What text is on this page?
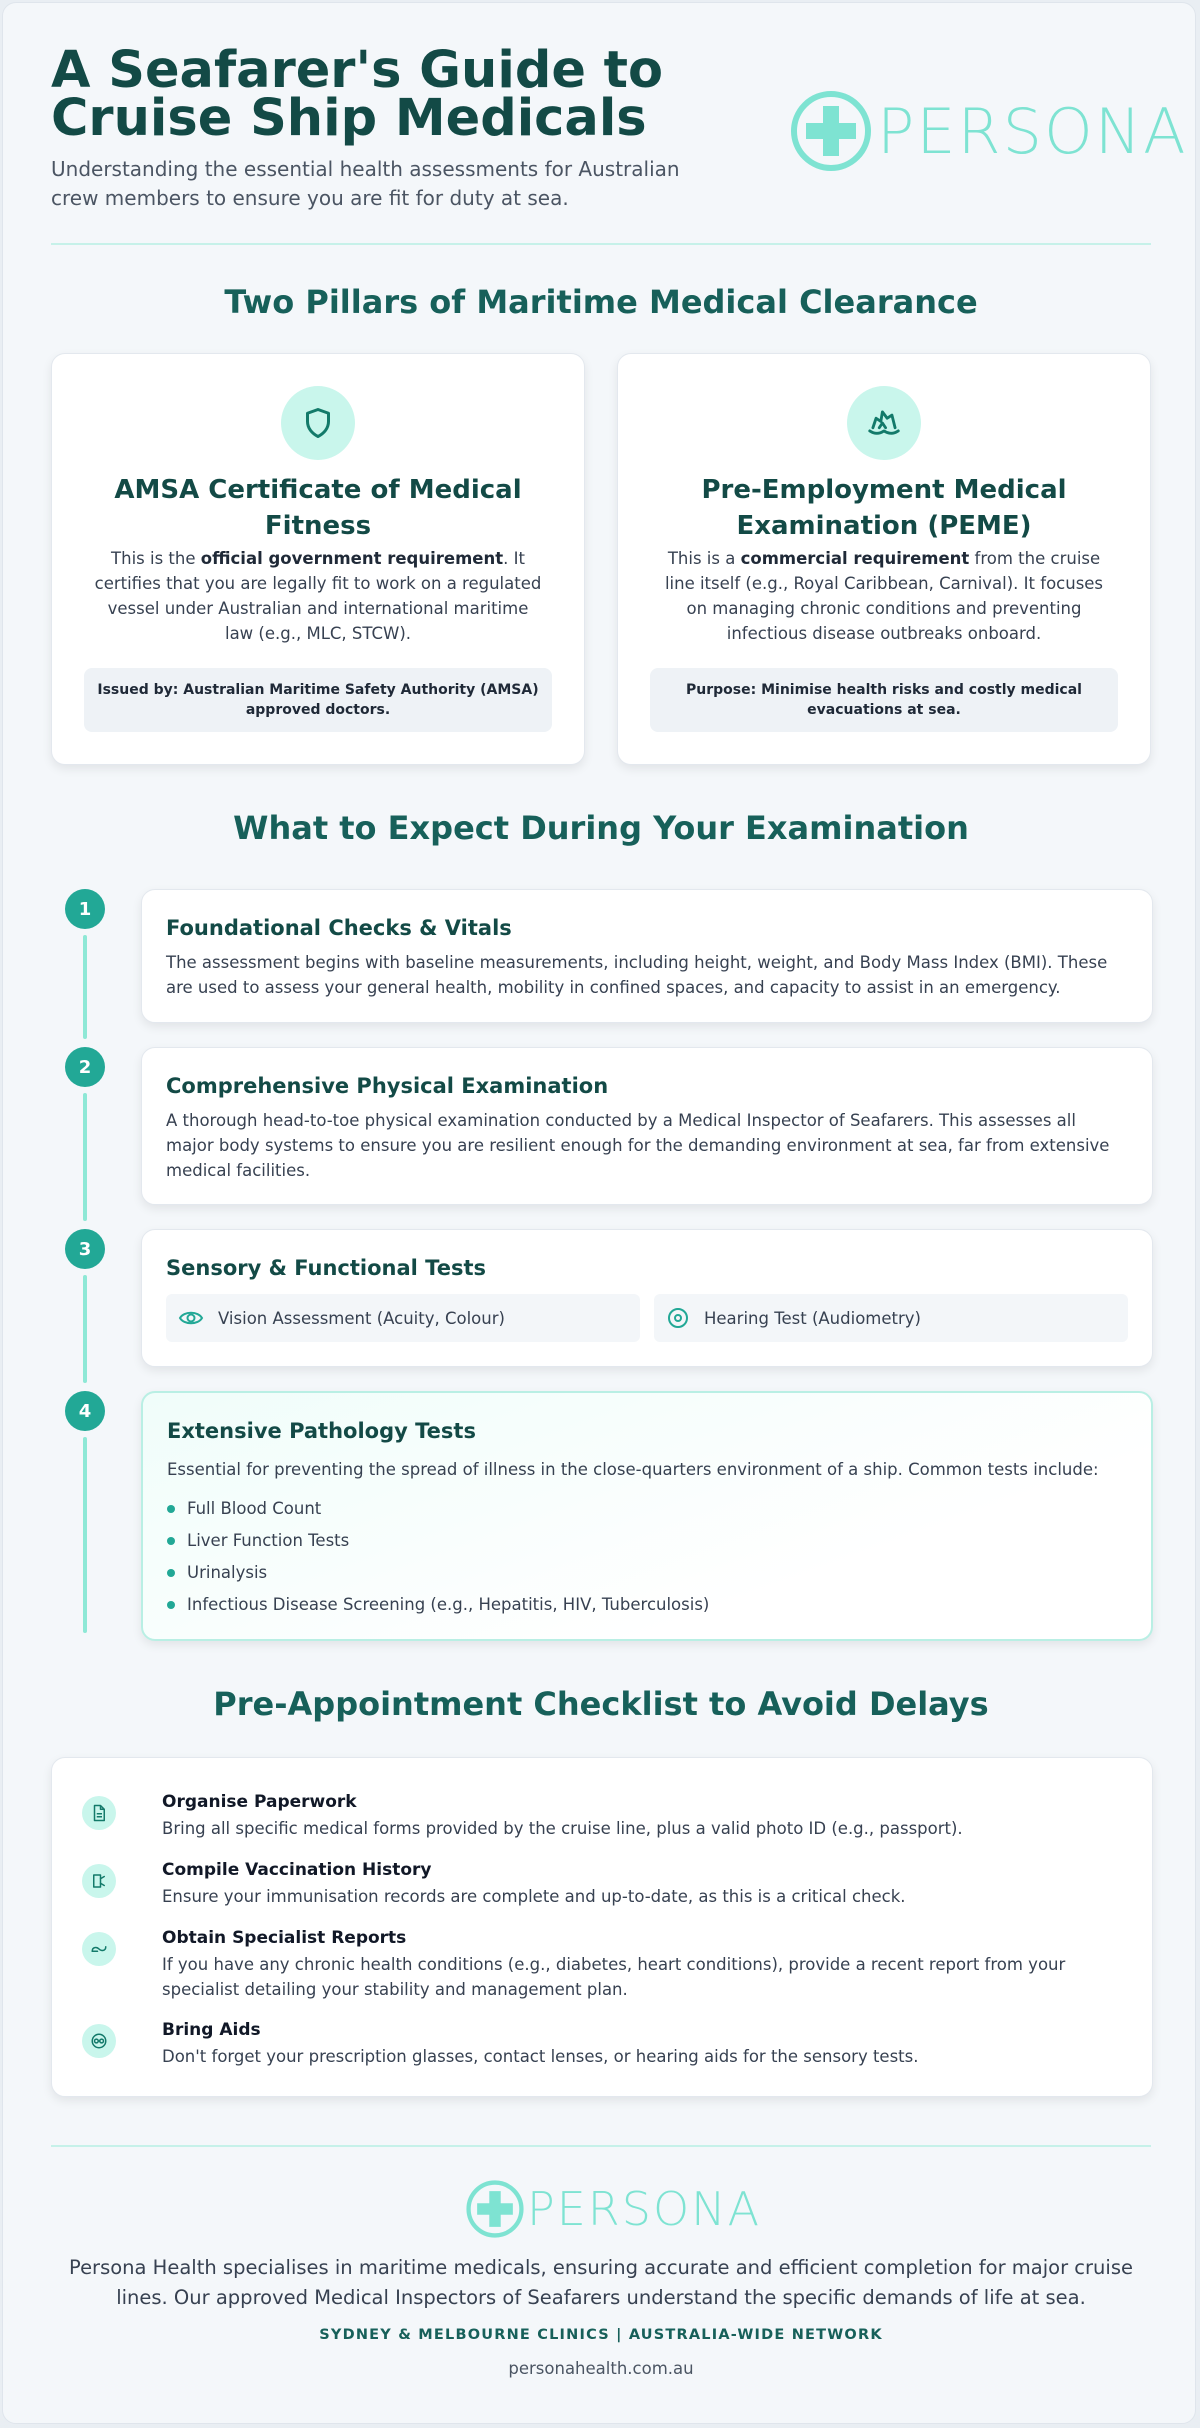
A Seafarer's Guide to Cruise Ship Medicals

Understanding the essential health assessments for Australian crew members to ensure you are fit for duty at sea.

PERSONA
Two Pillars of Maritime Medical Clearance
AMSA Certificate of Medical Fitness
This is the official government requirement. It certifies that you are legally fit to work on a regulated vessel under Australian and international maritime law (e.g., MLC, STCW).
Issued by: Australian Maritime Safety Authority (AMSA) approved doctors.
Pre-Employment Medical Examination (PEME)
This is a commercial requirement from the cruise line itself (e.g., Royal Caribbean, Carnival). It focuses on managing chronic conditions and preventing infectious disease outbreaks onboard.
Purpose: Minimise health risks and costly medical evacuations at sea.
What to Expect During Your Examination
1
Foundational Checks & Vitals
The assessment begins with baseline measurements, including height, weight, and Body Mass Index (BMI). These are used to assess your general health, mobility in confined spaces, and capacity to assist in an emergency.
2
Comprehensive Physical Examination
A thorough head-to-toe physical examination conducted by a Medical Inspector of Seafarers. This assesses all major body systems to ensure you are resilient enough for the demanding environment at sea, far from extensive medical facilities.
3
Sensory & Functional Tests
Vision Assessment (Acuity, Colour)	Hearing Test (Audiometry)
4
Extensive Pathology Tests
Essential for preventing the spread of illness in the close-quarters environment of a ship. Common tests include:
Full Blood Count
Liver Function Tests
Urinalysis
Infectious Disease Screening (e.g., Hepatitis, HIV, Tuberculosis)
Pre-Appointment Checklist to Avoid Delays
Organise Paperwork
Bring all specific medical forms provided by the cruise line, plus a valid photo ID (e.g., passport).
Compile Vaccination History
Ensure your immunisation records are complete and up-to-date, as this is a critical check.
Obtain Specialist Reports
If you have any chronic health conditions (e.g., diabetes, heart conditions), provide a recent report from your specialist detailing your stability and management plan.
Bring Aids
Don't forget your prescription glasses, contact lenses, or hearing aids for the sensory tests.
PERSONA
Persona Health specialises in maritime medicals, ensuring accurate and efficient completion for major cruise lines. Our approved Medical Inspectors of Seafarers understand the specific demands of life at sea.
SYDNEY & MELBOURNE CLINICS | AUSTRALIA-WIDE NETWORK
personahealth.com.au
